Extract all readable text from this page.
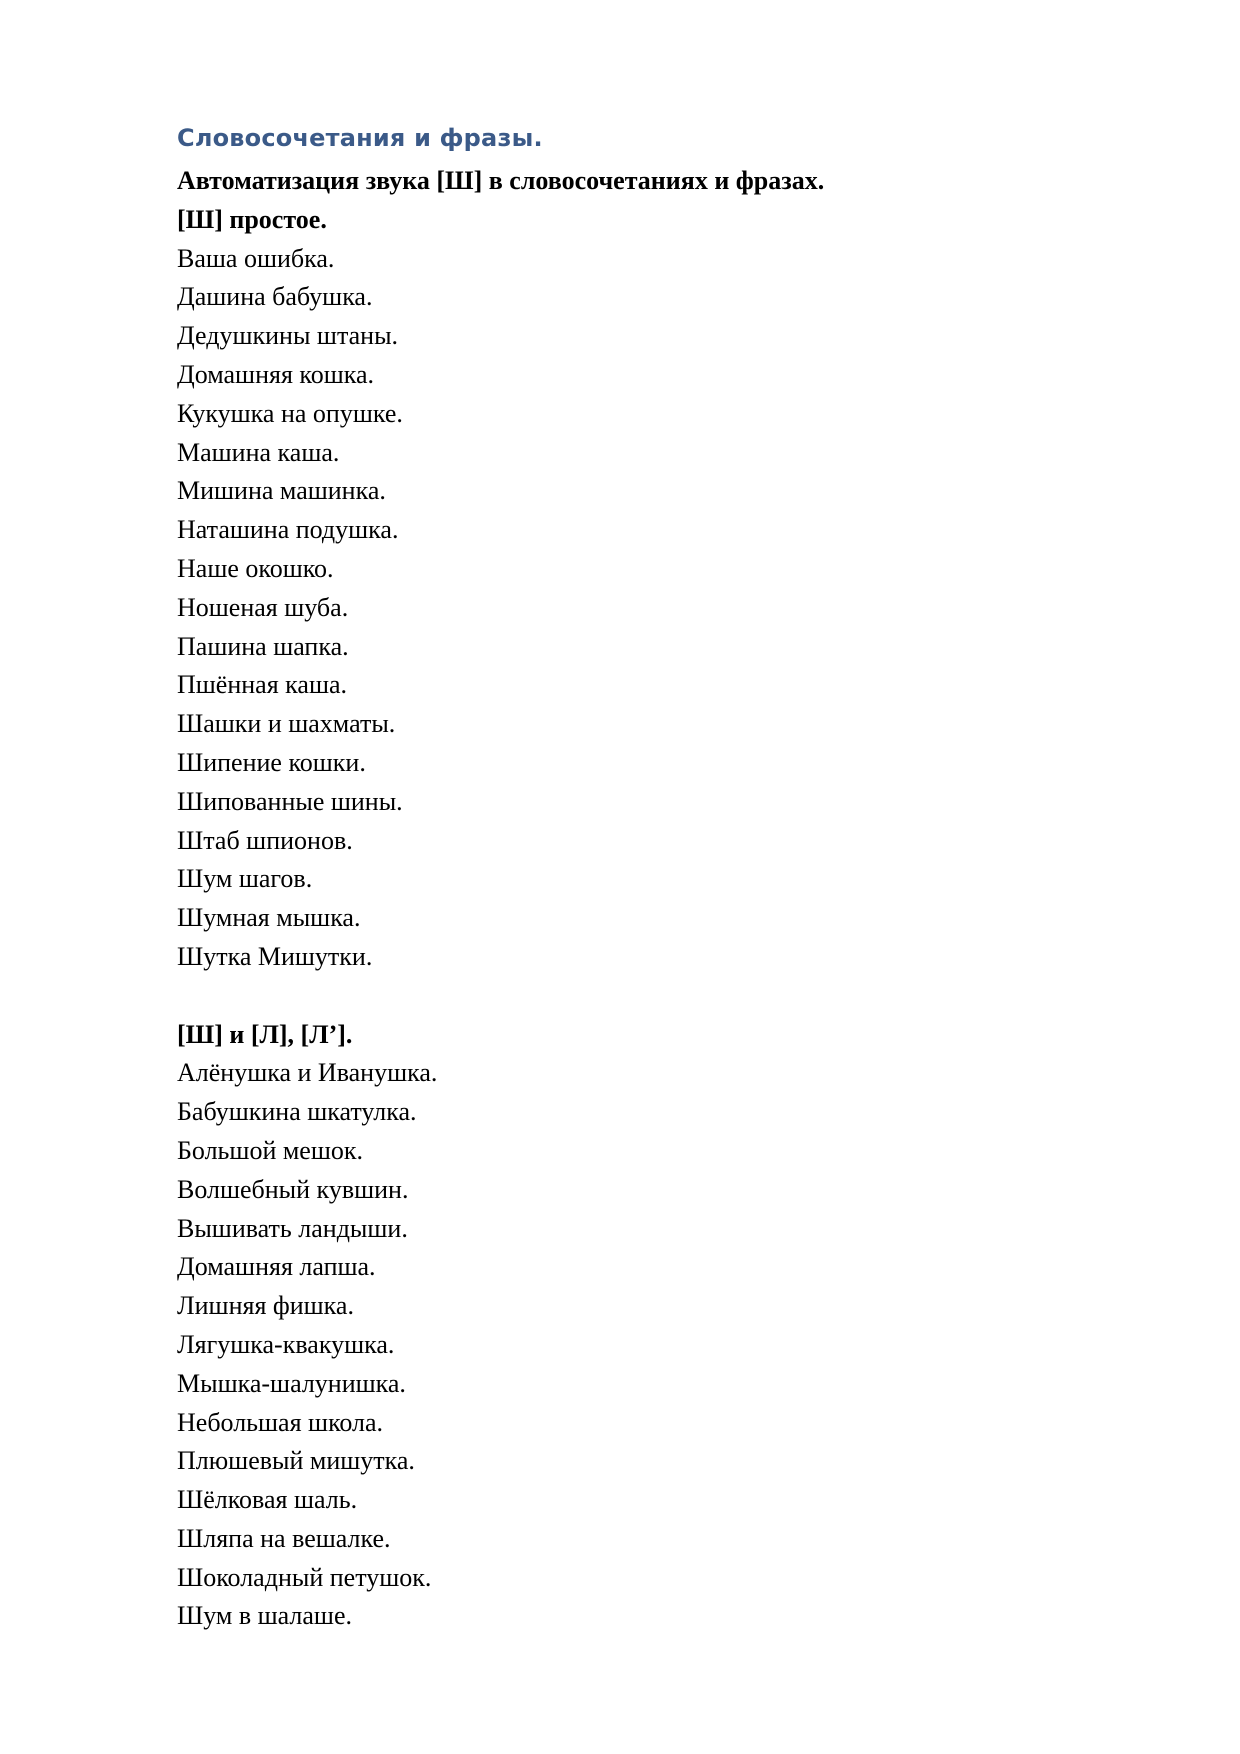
Словосочетания и фразы.
Автоматизация звука [Ш] в словосочетаниях и фразах.
[Ш] простое.
Ваша ошибка.
Дашина бабушка.
Дедушкины штаны.
Домашняя кошка.
Кукушка на опушке.
Машина каша.
Мишина машинка.
Наташина подушка.
Наше окошко.
Ношеная шуба.
Пашина шапка.
Пшённая каша.
Шашки и шахматы.
Шипение кошки.
Шипованные шины.
Штаб шпионов.
Шум шагов.
Шумная мышка.
Шутка Мишутки.
[Ш] и [Л], [Л’].
Алёнушка и Иванушка.
Бабушкина шкатулка.
Большой мешок.
Волшебный кувшин.
Вышивать ландыши.
Домашняя лапша.
Лишняя фишка.
Лягушка-квакушка.
Мышка-шалунишка.
Небольшая школа.
Плюшевый мишутка.
Шёлковая шаль.
Шляпа на вешалке.
Шоколадный петушок.
Шум в шалаше.
